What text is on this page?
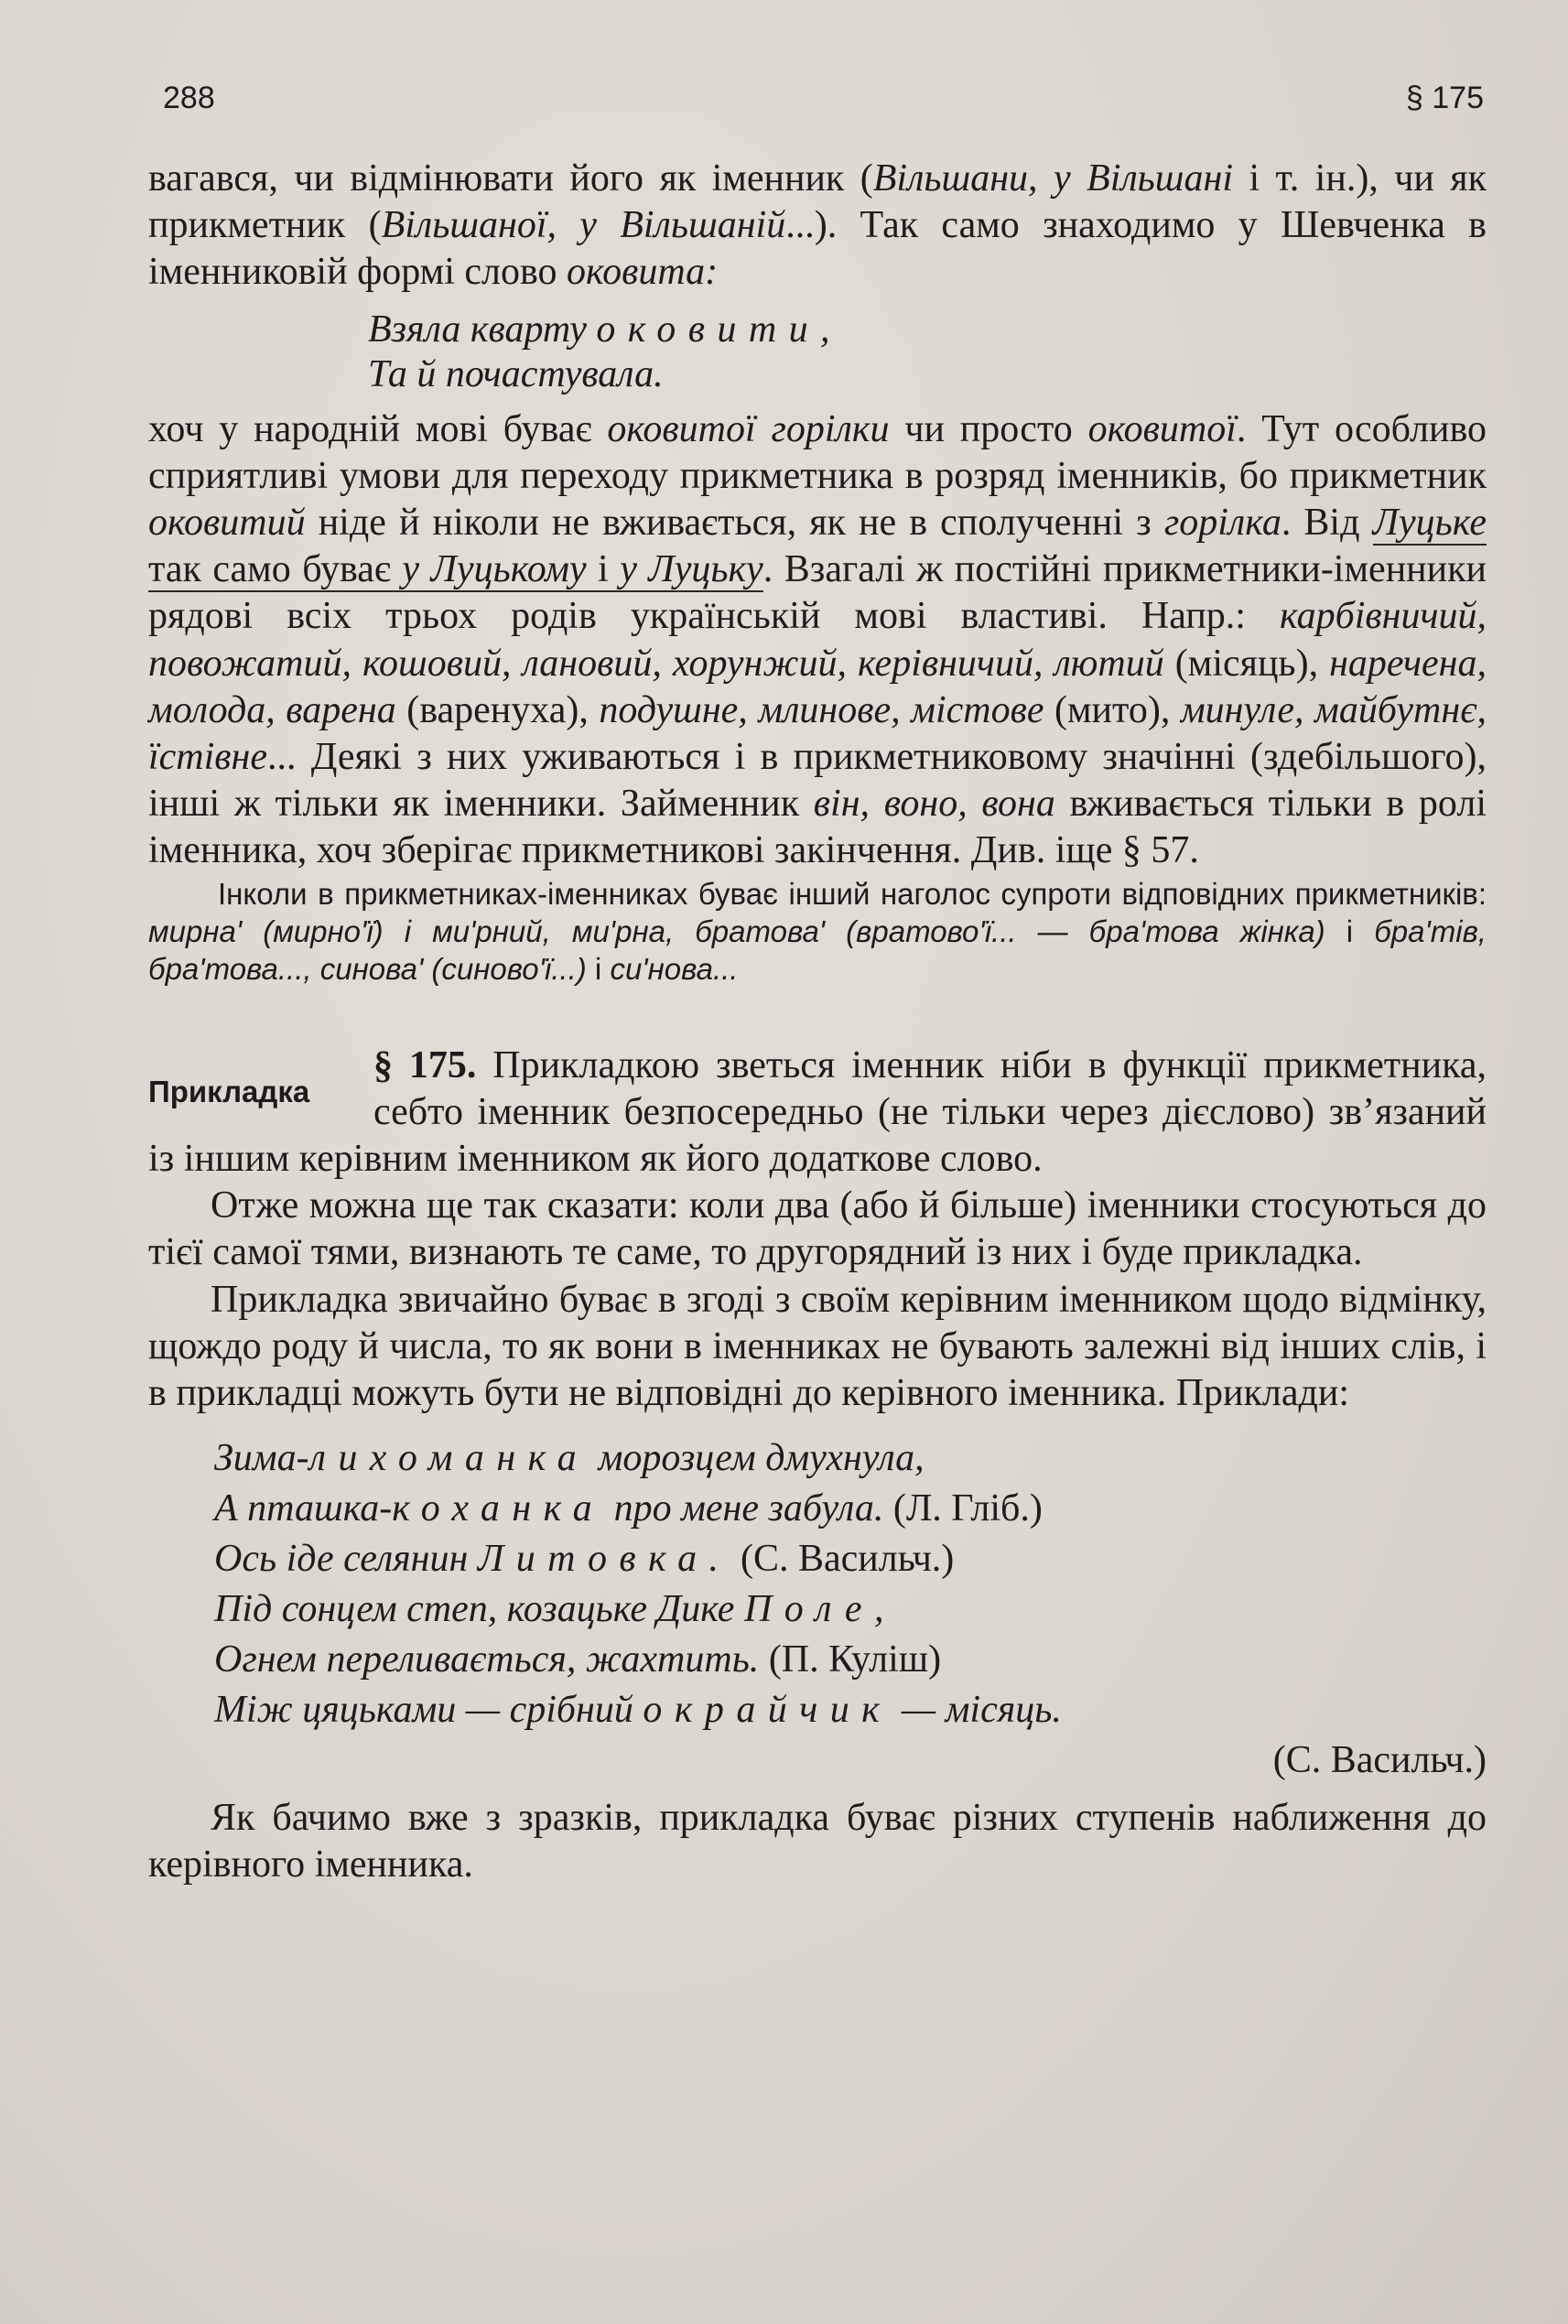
288	§ 175

вагався, чи відмінювати його як іменник (Вільшани, у Вільшані і т. ін.), чи як прикметник (Вільшаної, у Вільшаній...). Так само знаходимо у Шевченка в іменниковій формі слово оковита:

Взяла кварту оковити,
Та й почастувала.

хоч у народній мові буває оковитої горілки чи просто оковитої. Тут особливо сприятливі умови для переходу прикметника в розряд іменників, бо прикметник оковитий ніде й ніколи не вживається, як не в сполученні з горілка. Від Луцьке так само буває у Луцькому і у Луцьку. Взагалі ж постійні прикметники-іменники рядові всіх трьох родів українській мові властиві. Напр.: карбівничий, повожатий, кошовий, лановий, хорунжий, керівничий, лютий (місяць), наречена, молода, варена (варенуха), подушне, млинове, містове (мито), минуле, майбутнє, їстівне... Деякі з них уживаються і в прикметниковому значінні (здебільшого), інші ж тільки як іменники. Займенник він, воно, вона вживається тільки в ролі іменника, хоч зберігає прикметникові закінчення. Див. іще § 57.

Інколи в прикметниках-іменниках буває інший наголос супроти відповідних прикметників: мирна' (мирно'ї) і ми'рний, ми'рна, братова' (вратово'ї... — бра'това жінка) і бра'тів, бра'това..., синова' (синово'ї...) і си'нова...

Прикладка

§ 175. Прикладкою зветься іменник ніби в функції прикметника, себто іменник безпосередньо (не тільки через дієслово) зв’язаний із іншим керівним іменником як його додаткове слово.

Отже можна ще так сказати: коли два (або й більше) іменники стосуються до тієї самої тями, визнають те саме, то другорядний із них і буде прикладка.

Прикладка звичайно буває в згоді з своїм керівним іменником щодо відмінку, щождо роду й числа, то як вони в іменниках не бувають залежні від інших слів, і в прикладці можуть бути не відповідні до керівного іменника. Приклади:

Зима-лихоманка морозцем дмухнула,
А пташка-коханка про мене забула. (Л. Гліб.)
Ось іде селянин Литовка. (С. Васильч.)
Під сонцем степ, козацьке Дике Поле,
Огнем переливається, жахтить. (П. Куліш)
Між цяцьками — срібний окрайчик — місяць.
(С. Васильч.)

Як бачимо вже з зразків, прикладка буває різних ступенів наближення до керівного іменника.
